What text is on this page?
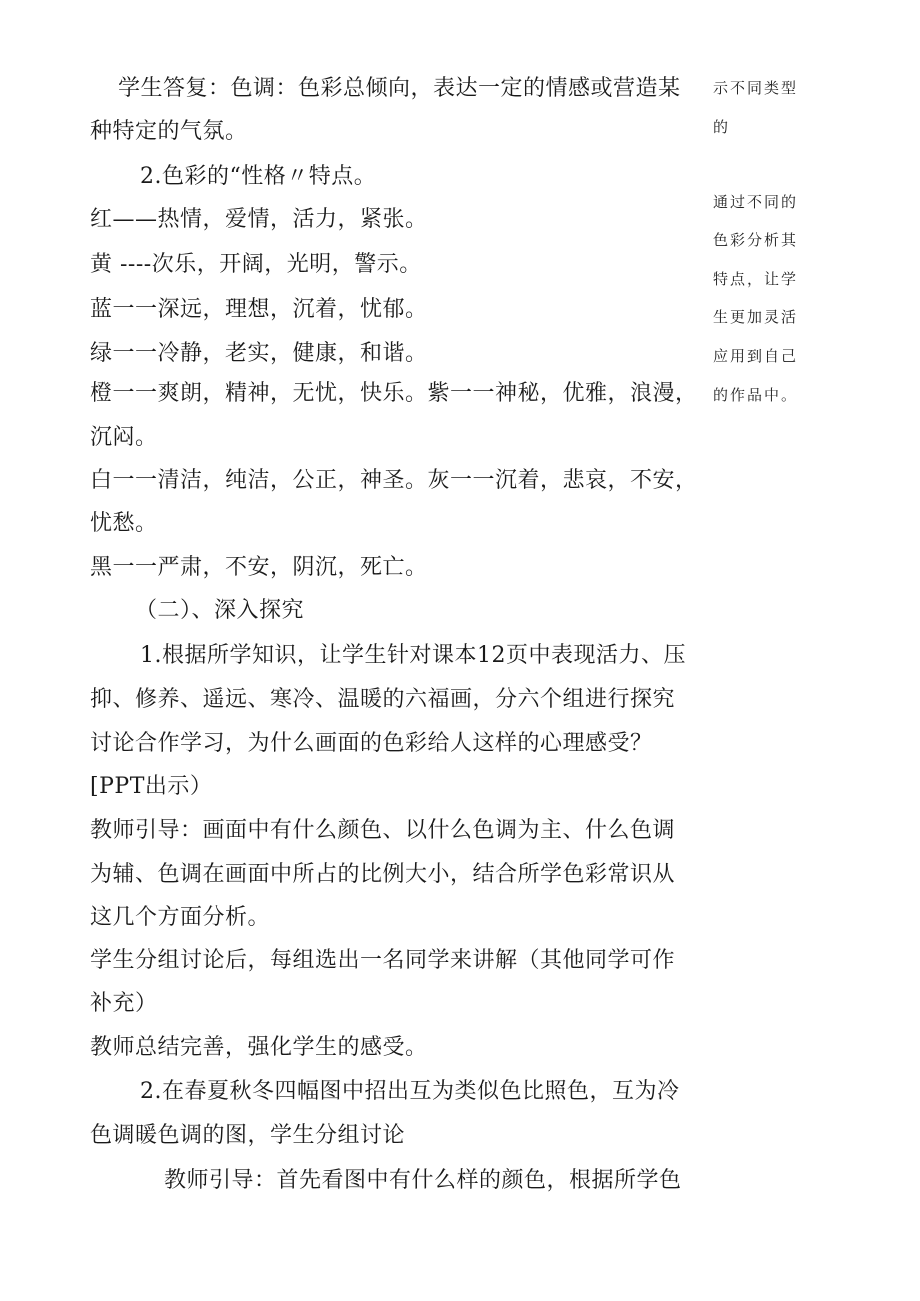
学生答复：色调：色彩总倾向，表达一定的情感或营造某
种特定的气氛。
2.色彩的“性格〃特点。
红——热情，爱情，活力，紧张。
黄 ----次乐，开阔，光明，警示。
蓝一一深远，理想，沉着，忧郁。
绿一一冷静，老实，健康，和谐。
橙一一爽朗，精神，无忧，快乐。紫一一神秘，优雅，浪漫，
沉闷。
白一一清洁，纯洁，公正，神圣。灰一一沉着，悲哀，不安，
忧愁。
黑一一严肃，不安，阴沉，死亡。
（二）、深入探究
1.根据所学知识，让学生针对课本12页中表现活力、压
抑、修养、遥远、寒冷、温暖的六福画，分六个组进行探究
讨论合作学习，为什么画面的色彩给人这样的心理感受？
[PPT出示）
教师引导：画面中有什么颜色、以什么色调为主、什么色调
为辅、色调在画面中所占的比例大小，结合所学色彩常识从
这几个方面分析。
学生分组讨论后，每组选出一名同学来讲解（其他同学可作
补充）
教师总结完善，强化学生的感受。
2.在春夏秋冬四幅图中招出互为类似色比照色，互为冷
色调暖色调的图，学生分组讨论
教师引导：首先看图中有什么样的颜色，根据所学色
示不同类型
的
通过不同的
色彩分析其
特点，让学
生更加灵活
应用到自己
的作品中。
